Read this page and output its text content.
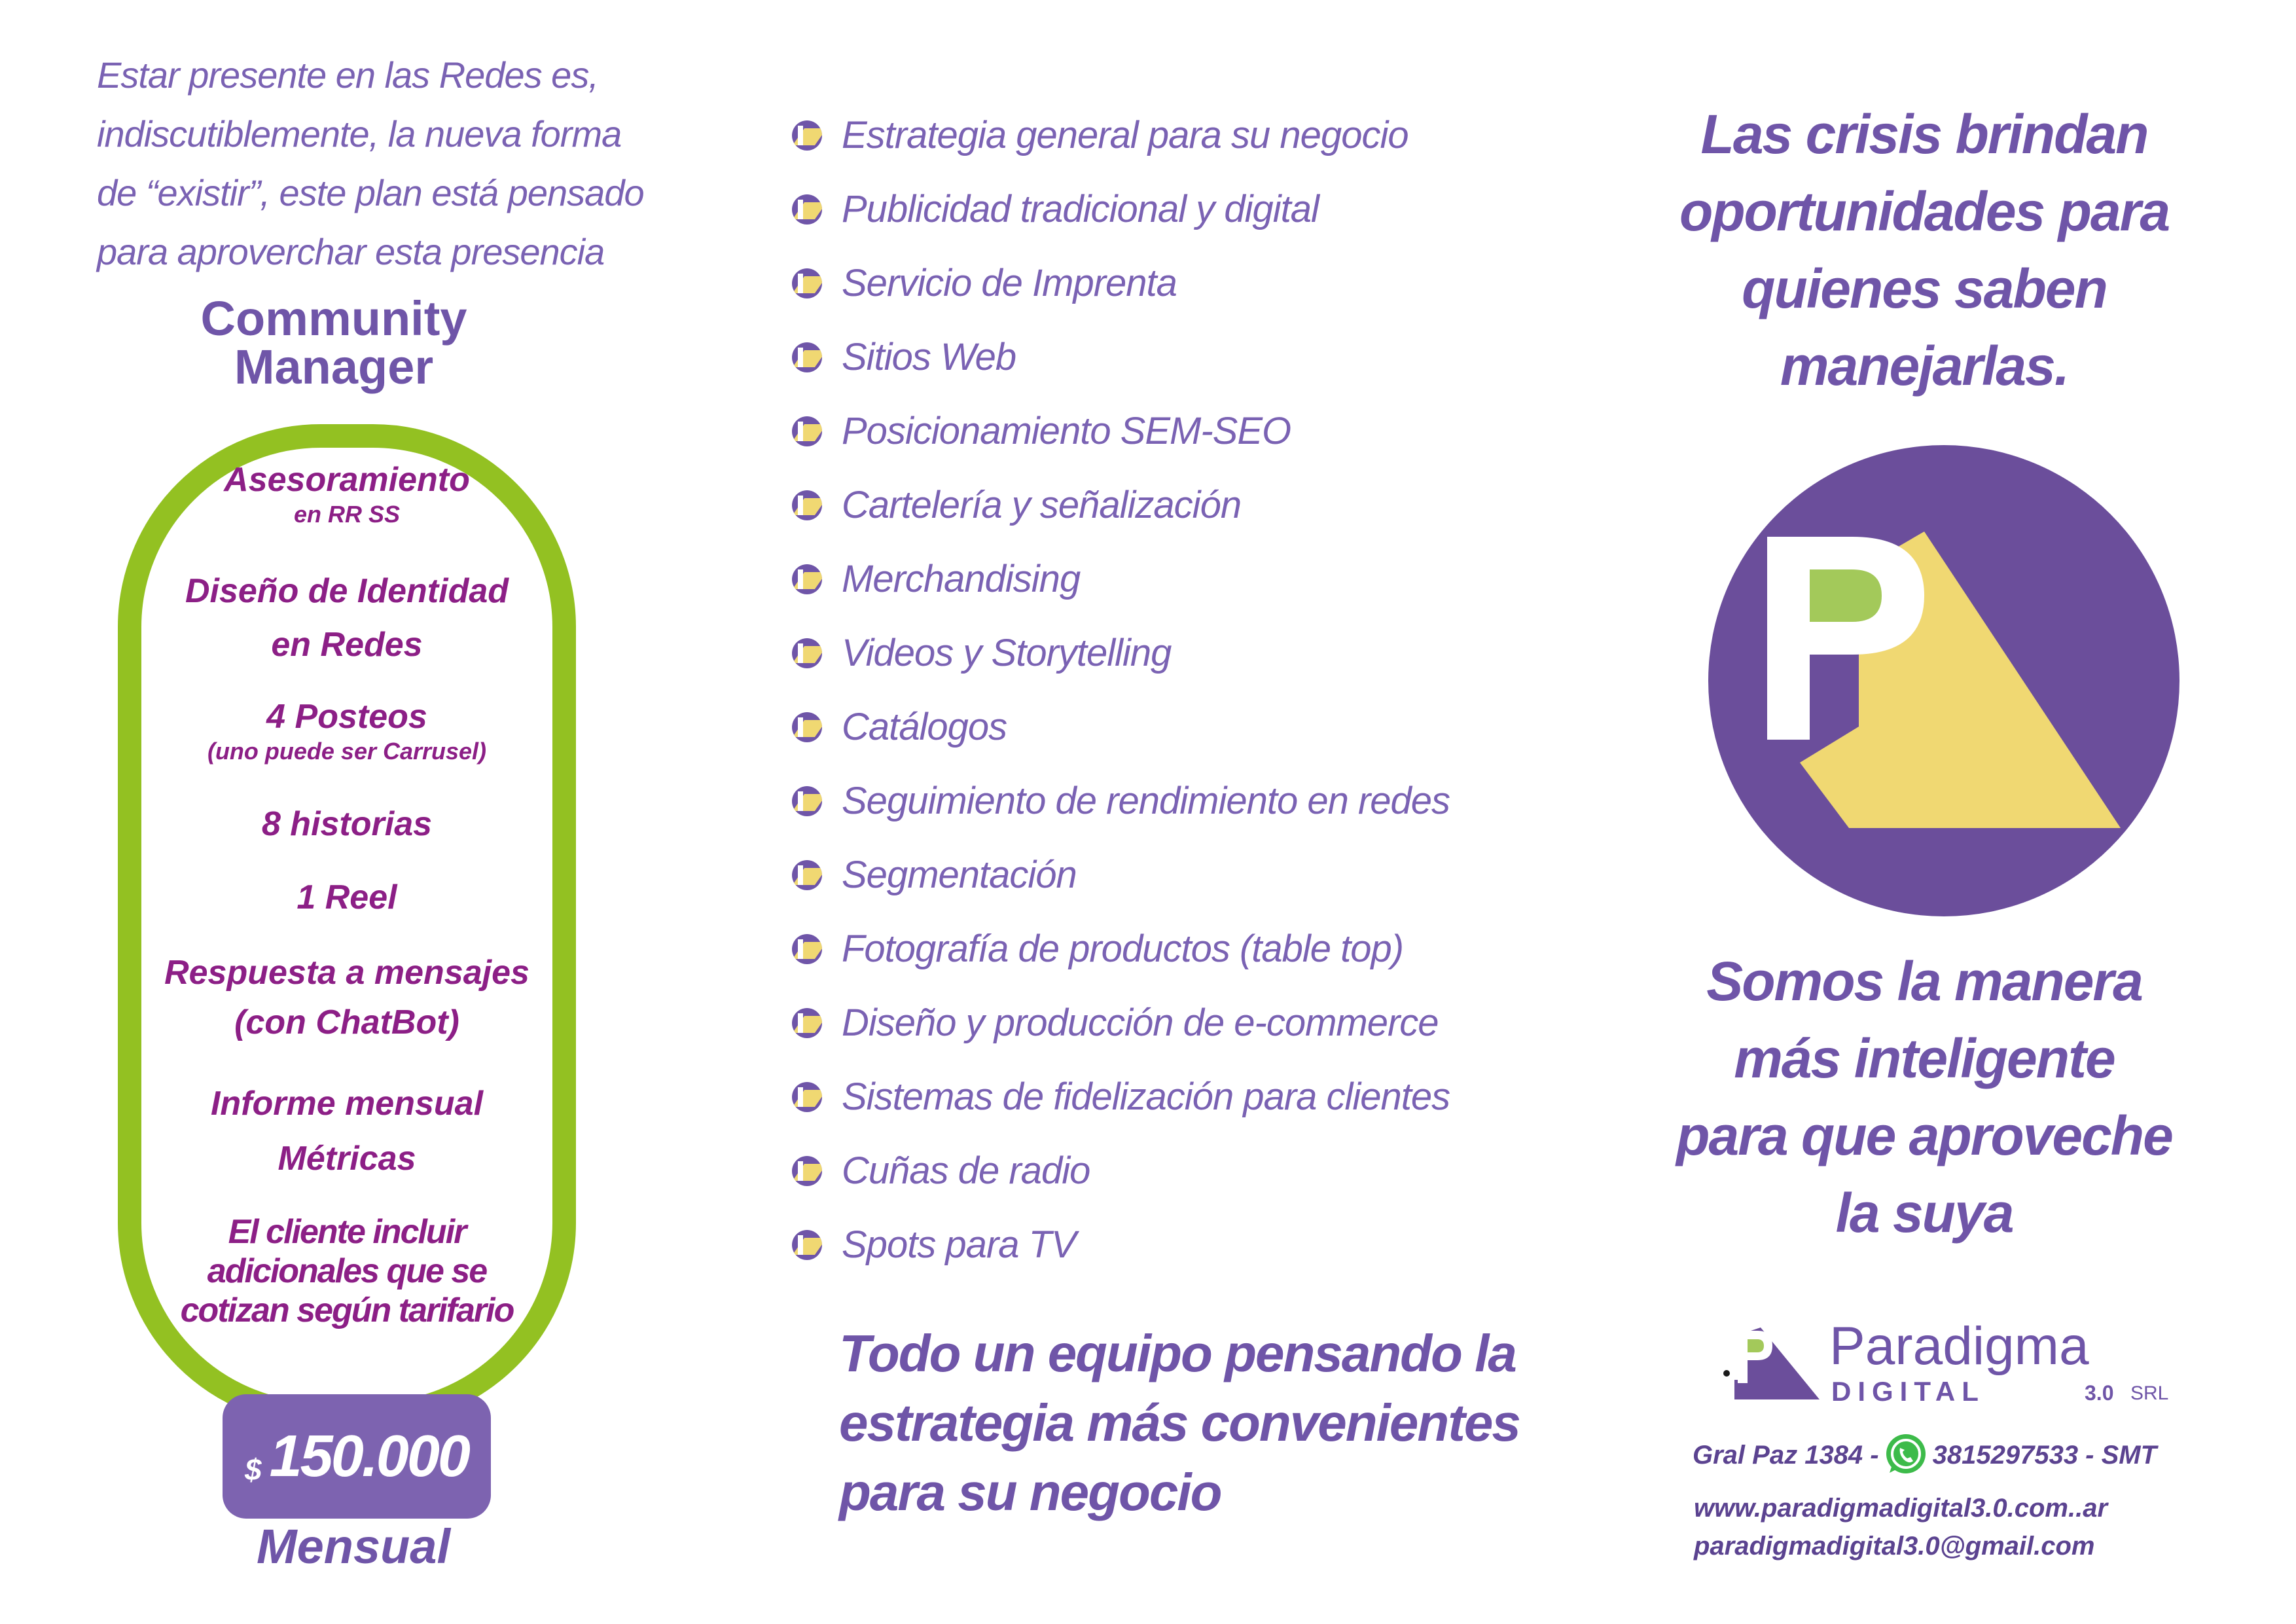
Estar presente en las Redes es,
indiscutiblemente, la nueva forma
de “existir”, este plan está pensado
para aproverchar esta presencia
Community
Manager
Asesoramiento
en RR SS
Diseño de Identidad
en Redes
4 Posteos
(uno puede ser Carrusel)
8 historias
1 Reel
Respuesta a mensajes
(con ChatBot)
Informe mensual
Métricas
El cliente incluir
adicionales que se
cotizan según tarifario
$ 150.000
Mensual
Estrategia general para su negocio
Publicidad tradicional y digital
Servicio de Imprenta
Sitios Web
Posicionamiento SEM-SEO
Cartelería y señalización
Merchandising
Videos y Storytelling
Catálogos
Seguimiento de rendimiento en redes
Segmentación
Fotografía de productos (table top)
Diseño y producción de e-commerce
Sistemas de fidelización para clientes
Cuñas de radio
Spots para TV
Todo un equipo pensando la
estrategia más convenientes
para su negocio
Las crisis brindan
oportunidades para
quienes saben
manejarlas.
Somos la manera
más inteligente
para que aproveche
la suya
Paradigma
DIGITAL	3.0 SRL
Gral Paz 1384 - 3815297533 - SMT
www.paradigmadigital3.0.com..ar
paradigmadigital3.0@gmail.com
